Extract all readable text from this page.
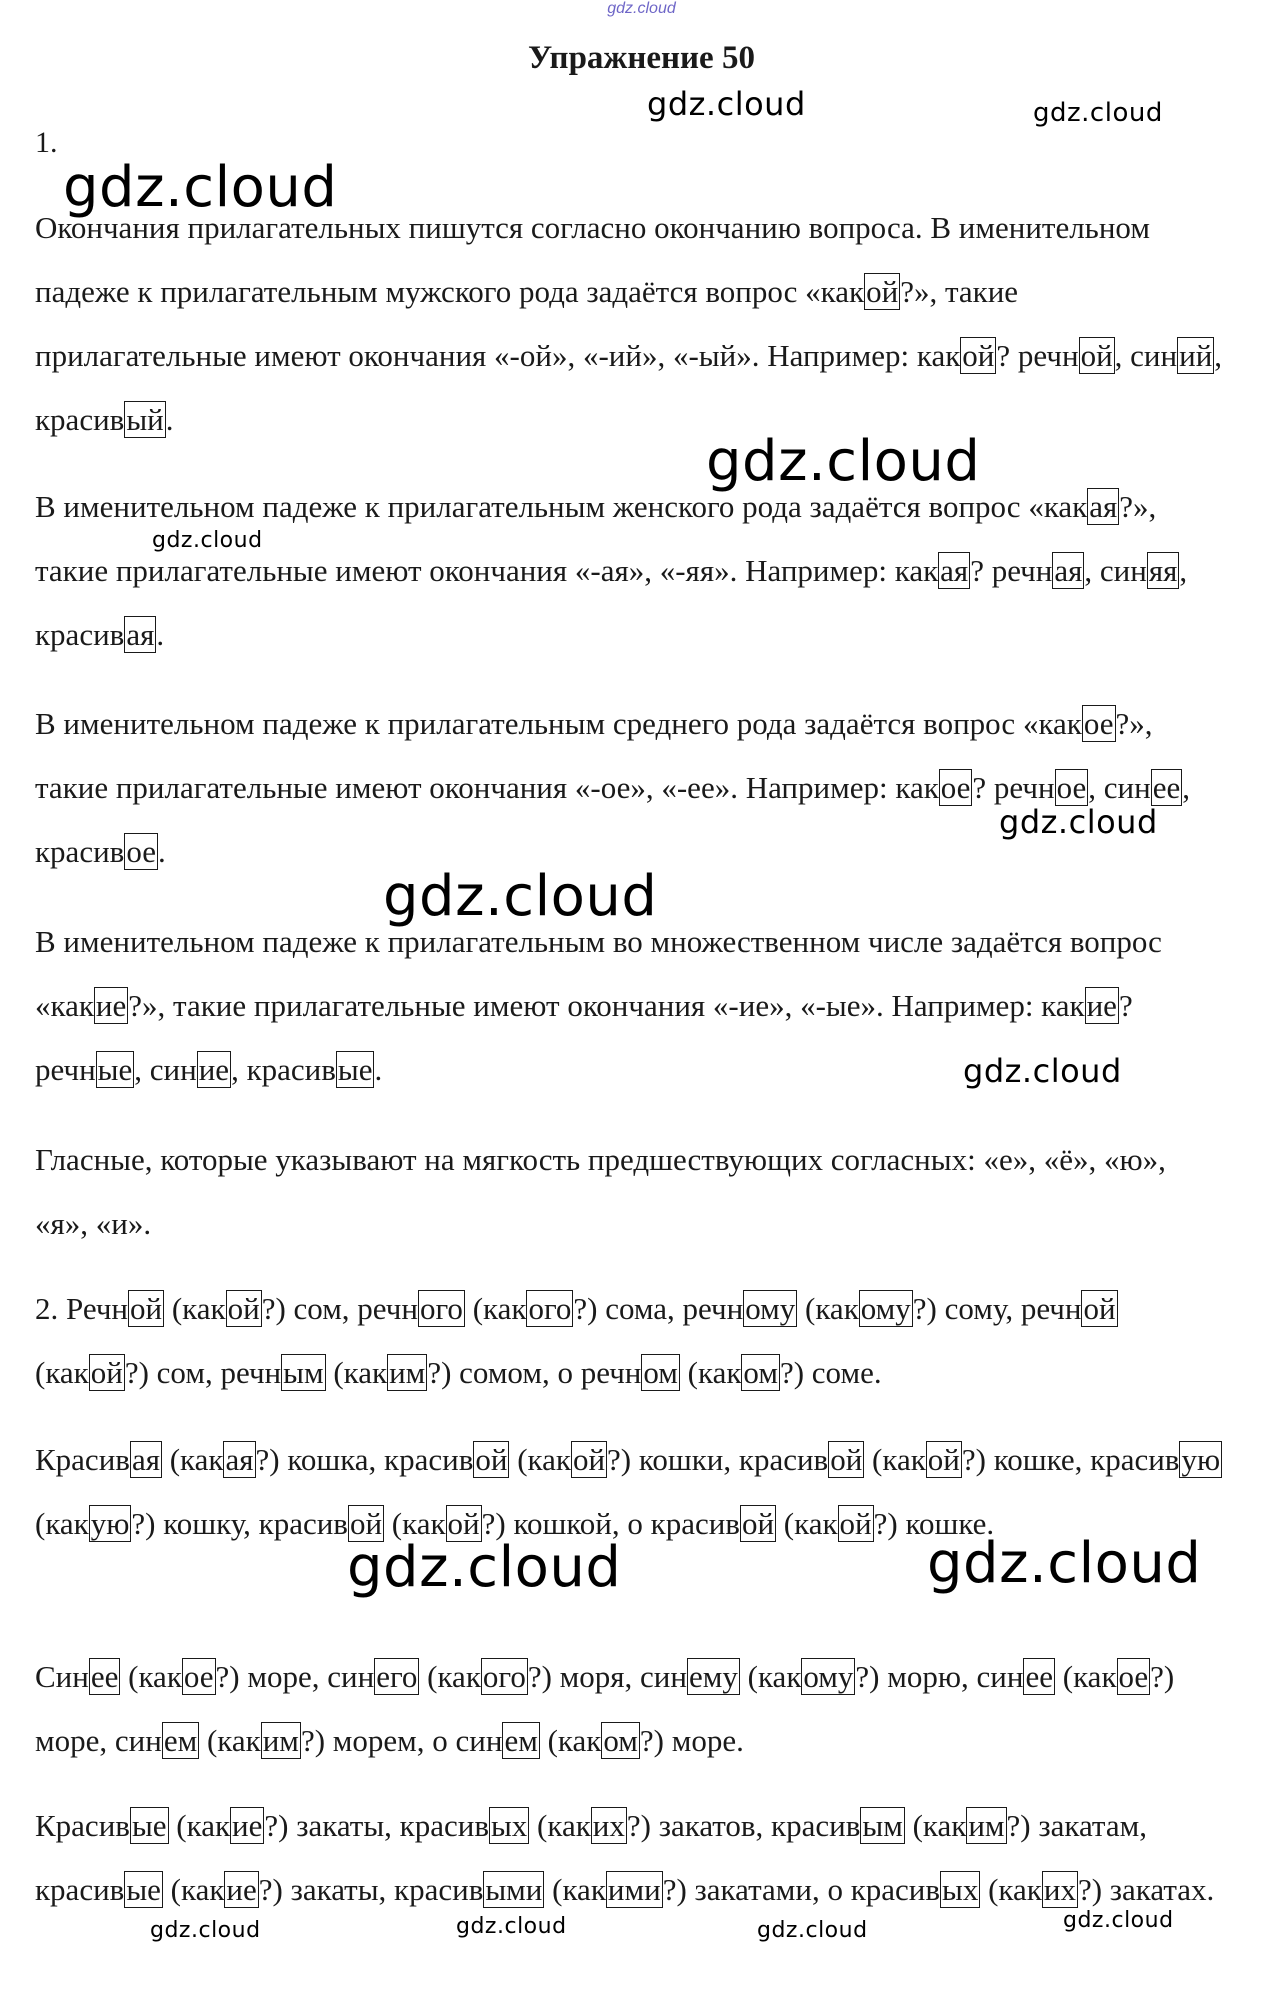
gdz.cloud
Упражнение 50
1.

Окончания прилагательных пишутся согласно окончанию вопроса. В именительном падеже к прилагательным мужского рода задаётся вопрос «какой?», такие прилагательные имеют окончания «-ой», «-ий», «-ый». Например: какой? речной, синий, красивый.

В именительном падеже к прилагательным женского рода задаётся вопрос «какая?», такие прилагательные имеют окончания «-ая», «-яя». Например: какая? речная, синяя, красивая.

В именительном падеже к прилагательным среднего рода задаётся вопрос «какое?», такие прилагательные имеют окончания «-ое», «-ее». Например: какое? речное, синее, красивое.

В именительном падеже к прилагательным во множественном числе задаётся вопрос «какие?», такие прилагательные имеют окончания «-ие», «-ые». Например: какие? речные, синие, красивые.

Гласные, которые указывают на мягкость предшествующих согласных: «е», «ё», «ю», «я», «и».

2. Речной (какой?) сом, речного (какого?) сома, речному (какому?) сому, речной (какой?) сом, речным (каким?) сомом, о речном (каком?) соме.

Красивая (какая?) кошка, красивой (какой?) кошки, красивой (какой?) кошке, красивую (какую?) кошку, красивой (какой?) кошкой, о красивой (какой?) кошке.

Синее (какое?) море, синего (какого?) моря, синему (какому?) морю, синее (какое?) море, синем (каким?) морем, о синем (каком?) море.

Красивые (какие?) закаты, красивых (каких?) закатов, красивым (каким?) закатам, красивые (какие?) закаты, красивыми (какими?) закатами, о красивых (каких?) закатах.

gdz.cloud	gdz.cloud
gdz.cloud
gdz.cloud
gdz.cloud
gdz.cloud
gdz.cloud
gdz.cloud
gdz.cloud	gdz.cloud
gdz.cloud	gdz.cloud	gdz.cloud	gdz.cloud
